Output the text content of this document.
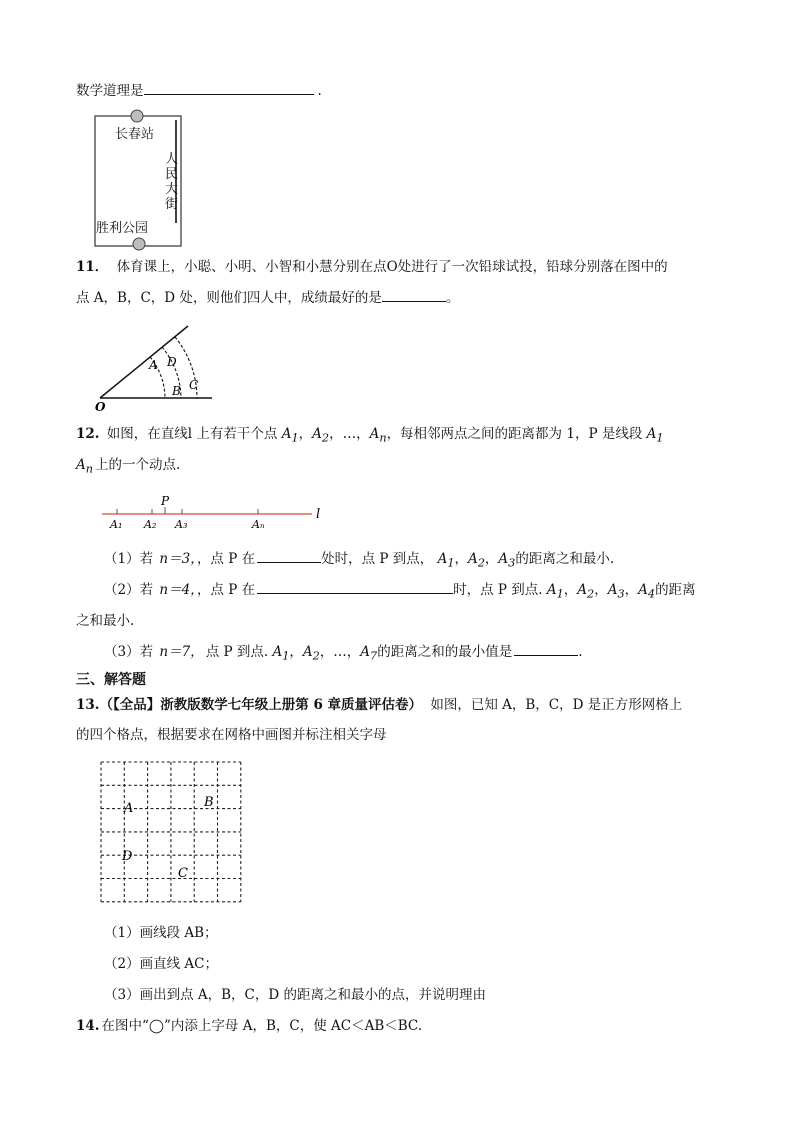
数学道理是	.
长春站
胜利公园
人
民
大
街
11． 体育课上，小聪、小明、小智和小慧分别在点O处进行了一次铅球试投，铅球分别落在图中的
点 A，B，C，D 处，则他们四人中，成绩最好的是	。
O
A D
B C
12. 如图，在直线l 上有若干个点 $A_1$，$A_2$，…，$A_n$，每相邻两点之间的距离都为 1，P 是线段 $A_1$
$A_n$ 上的一个动点.
P
A₁ A₂ A₃	Aₙ
l
（1）若 n＝3，，点 P 在	处时，点 P 到点， $A_1$，$A_2$，$A_3$的距离之和最小.
（2）若 n＝4，，点 P 在	时，点 P 到点. $A_1$，$A_2$，$A_3$，$A_4$的距离
之和最小.
（3）若 n＝7， 点 P 到点. $A_1$，$A_2$，…，$A_7$的距离之和的最小值是	.
三、解答题
13.（【全品】浙教版数学七年级上册第 6 章质量评估卷） 如图，已知 A，B，C，D 是正方形网格上
的四个格点，根据要求在网格中画图并标注相关字母
A	B
C
D
（1）画线段 AB；
（2）画直线 AC；
（3）画出到点 A，B，C，D 的距离之和最小的点，并说明理由
14. 在图中“◯”内添上字母 A，B，C，使 AC＜AB＜BC.
